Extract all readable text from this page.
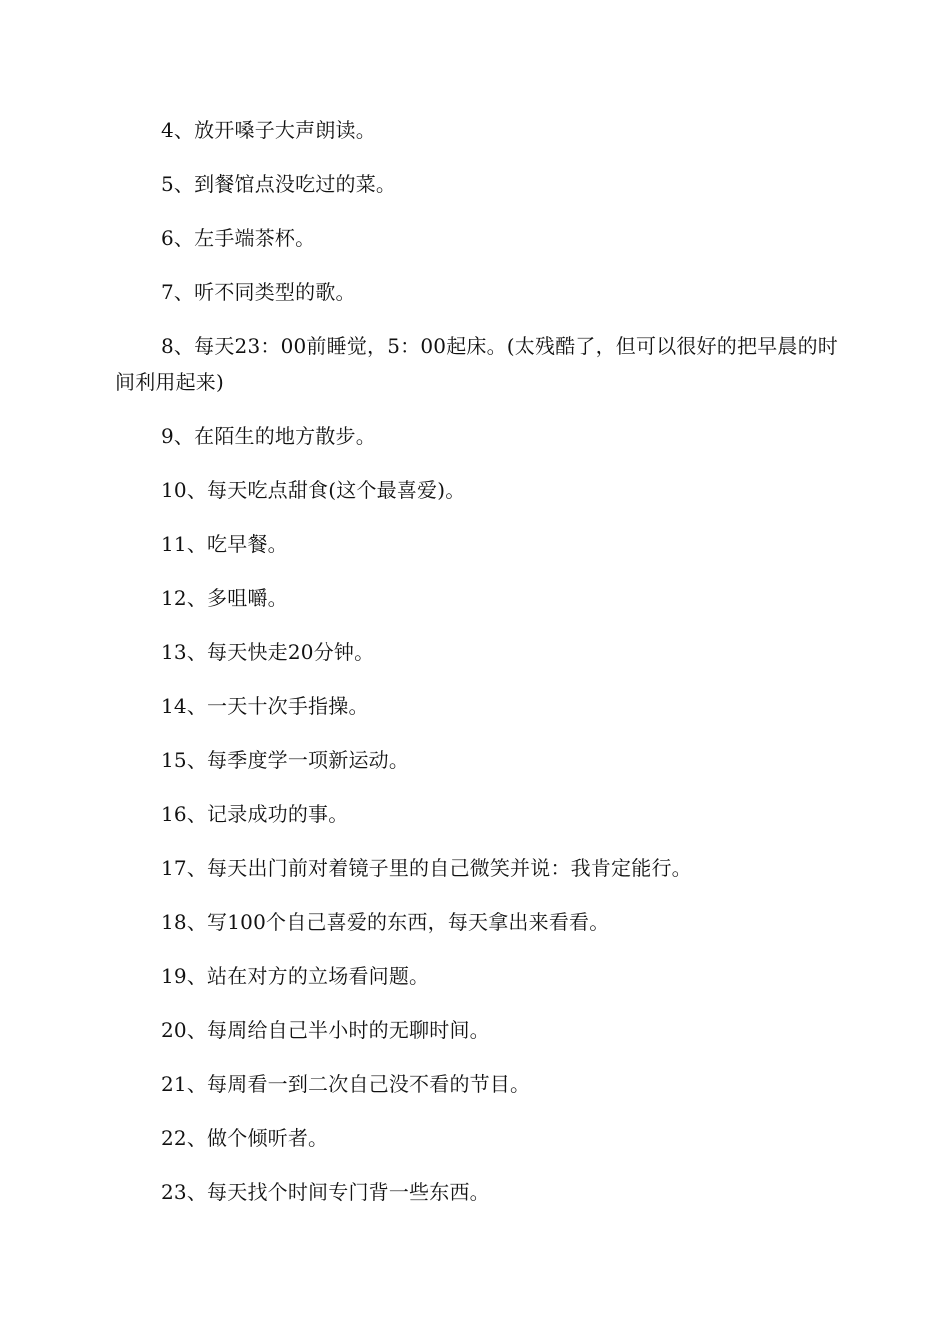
4、放开嗓子大声朗读。

5、到餐馆点没吃过的菜。

6、左手端茶杯。

7、听不同类型的歌。

8、每天23：00前睡觉，5：00起床。(太残酷了，但可以很好的把早晨的时间利用起来)

9、在陌生的地方散步。

10、每天吃点甜食(这个最喜爱)。

11、吃早餐。

12、多咀嚼。

13、每天快走20分钟。

14、一天十次手指操。

15、每季度学一项新运动。

16、记录成功的事。

17、每天出门前对着镜子里的自己微笑并说：我肯定能行。

18、写100个自己喜爱的东西，每天拿出来看看。

19、站在对方的立场看问题。

20、每周给自己半小时的无聊时间。

21、每周看一到二次自己没不看的节目。

22、做个倾听者。

23、每天找个时间专门背一些东西。
